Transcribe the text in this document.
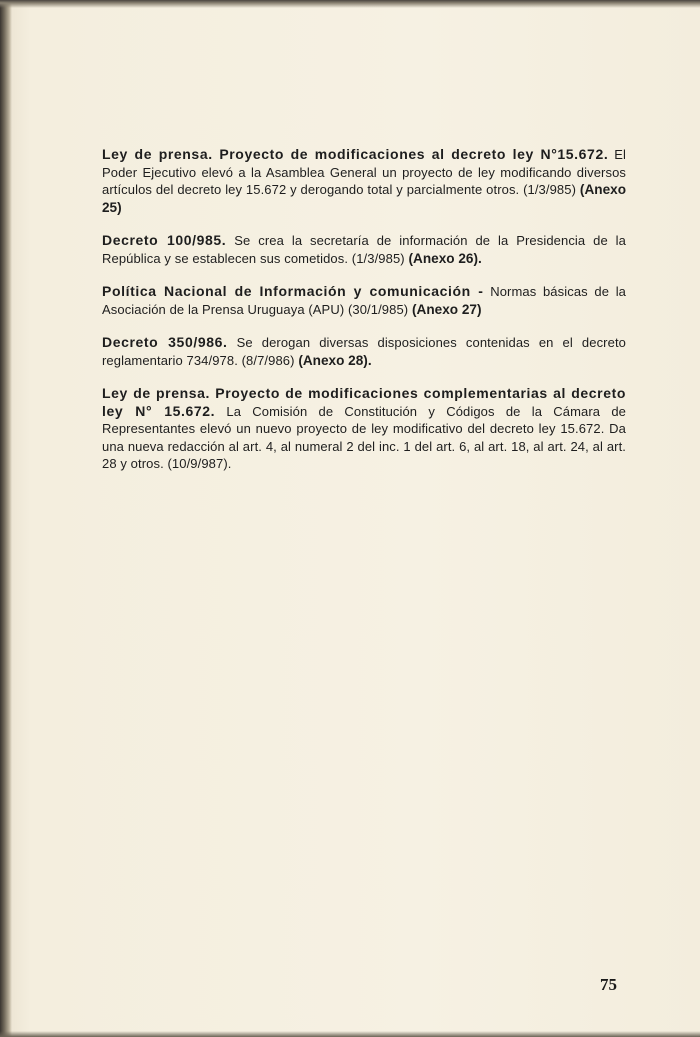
Ley de prensa. Proyecto de modificaciones al decreto ley N°15.672. El Poder Ejecutivo elevó a la Asamblea General un proyecto de ley modificando diversos artículos del decreto ley 15.672 y derogando total y parcialmente otros. (1/3/985) (Anexo 25)

Decreto 100/985. Se crea la secretaría de información de la Presidencia de la República y se establecen sus cometidos. (1/3/985) (Anexo 26).

Política Nacional de Información y comunicación - Normas básicas de la Asociación de la Prensa Uruguaya (APU) (30/1/985) (Anexo 27)

Decreto 350/986. Se derogan diversas disposiciones contenidas en el decreto reglamentario 734/978. (8/7/986) (Anexo 28).

Ley de prensa. Proyecto de modificaciones complementarias al decreto ley N° 15.672. La Comisión de Constitución y Códigos de la Cámara de Representantes elevó un nuevo proyecto de ley modificativo del decreto ley 15.672. Da una nueva redacción al art. 4, al numeral 2 del inc. 1 del art. 6, al art. 18, al art. 24, al art. 28 y otros. (10/9/987).

75
